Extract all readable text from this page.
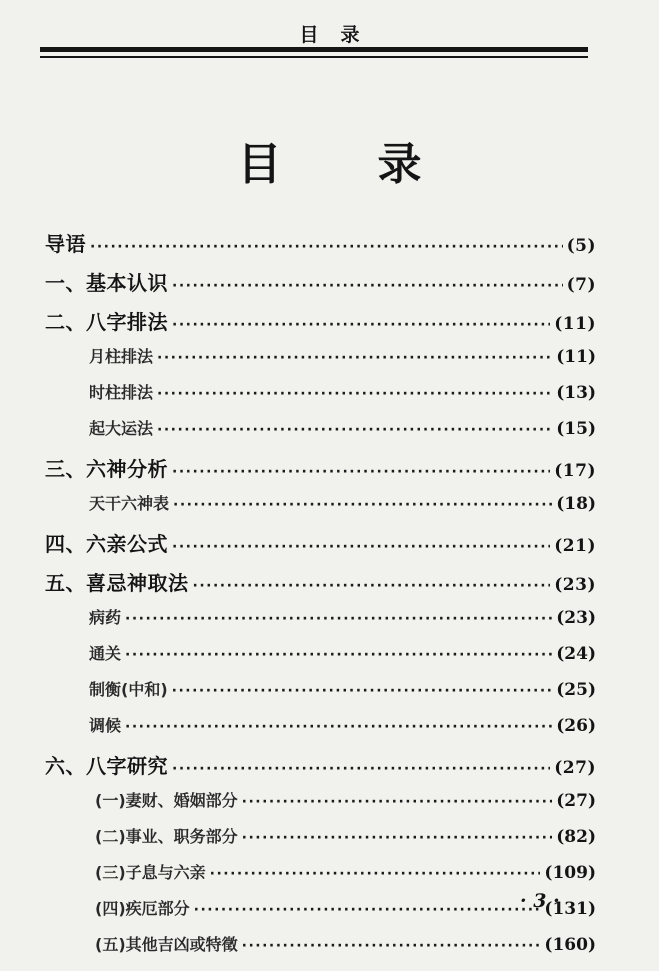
目录
目录
导语 ·····	(5)
一、基本认识 ·····	(7)
二、八字排法 ·····	(11)
月柱排法 ·····	(11)
时柱排法 ·····	(13)
起大运法 ·····	(15)
三、六神分析 ·····	(17)
天干六神表 ·····	(18)
四、六亲公式 ·····	(21)
五、喜忌神取法 ·····	(23)
病药 ·····	(23)
通关 ·····	(24)
制衡(中和) ·····	(25)
调候 ·····	(26)
六、八字研究 ·····	(27)
(一)妻财、婚姻部分 ·····	(27)
(二)事业、职务部分 ·····	(82)
(三)子息与六亲 ·····	(109)
(四)疾厄部分 ·····	(131)
(五)其他吉凶或特徵 ·····	(160)
· 3 ·
